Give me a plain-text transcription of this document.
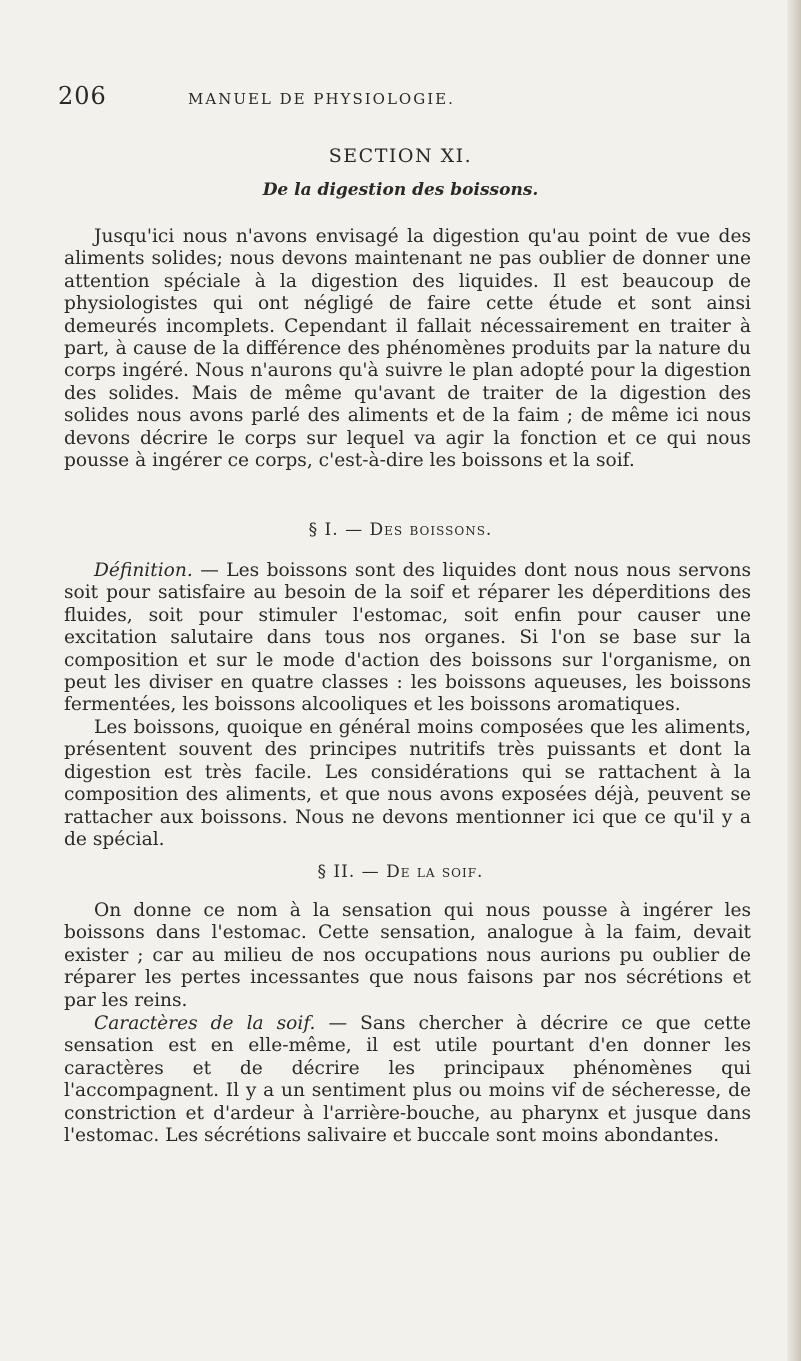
206	MANUEL DE PHYSIOLOGIE.
SECTION XI.
De la digestion des boissons.

Jusqu'ici nous n'avons envisagé la digestion qu'au point de vue des aliments solides; nous devons maintenant ne pas oublier de donner une attention spéciale à la digestion des liquides. Il est beaucoup de physiologistes qui ont négligé de faire cette étude et sont ainsi demeurés incomplets. Cependant il fallait nécessairement en traiter à part, à cause de la différence des phénomènes produits par la nature du corps ingéré. Nous n'aurons qu'à suivre le plan adopté pour la digestion des solides. Mais de même qu'avant de traiter de la digestion des solides nous avons parlé des aliments et de la faim ; de même ici nous devons décrire le corps sur lequel va agir la fonction et ce qui nous pousse à ingérer ce corps, c'est-à-dire les boissons et la soif.

§ I. — Des boissons.

Définition. — Les boissons sont des liquides dont nous nous servons soit pour satisfaire au besoin de la soif et réparer les déperditions des fluides, soit pour stimuler l'estomac, soit enfin pour causer une excitation salutaire dans tous nos organes. Si l'on se base sur la composition et sur le mode d'action des boissons sur l'organisme, on peut les diviser en quatre classes : les boissons aqueuses, les boissons fermentées, les boissons alcooliques et les boissons aromatiques.

Les boissons, quoique en général moins composées que les aliments, présentent souvent des principes nutritifs très puissants et dont la digestion est très facile. Les considérations qui se rattachent à la composition des aliments, et que nous avons exposées déjà, peuvent se rattacher aux boissons. Nous ne devons mentionner ici que ce qu'il y a de spécial.

§ II. — De la soif.

On donne ce nom à la sensation qui nous pousse à ingérer les boissons dans l'estomac. Cette sensation, analogue à la faim, devait exister ; car au milieu de nos occupations nous aurions pu oublier de réparer les pertes incessantes que nous faisons par nos sécrétions et par les reins.

Caractères de la soif. — Sans chercher à décrire ce que cette sensation est en elle-même, il est utile pourtant d'en donner les caractères et de décrire les principaux phénomènes qui l'accompagnent. Il y a un sentiment plus ou moins vif de sécheresse, de constriction et d'ardeur à l'arrière-bouche, au pharynx et jusque dans l'estomac. Les sécrétions salivaire et buccale sont moins abondantes.
